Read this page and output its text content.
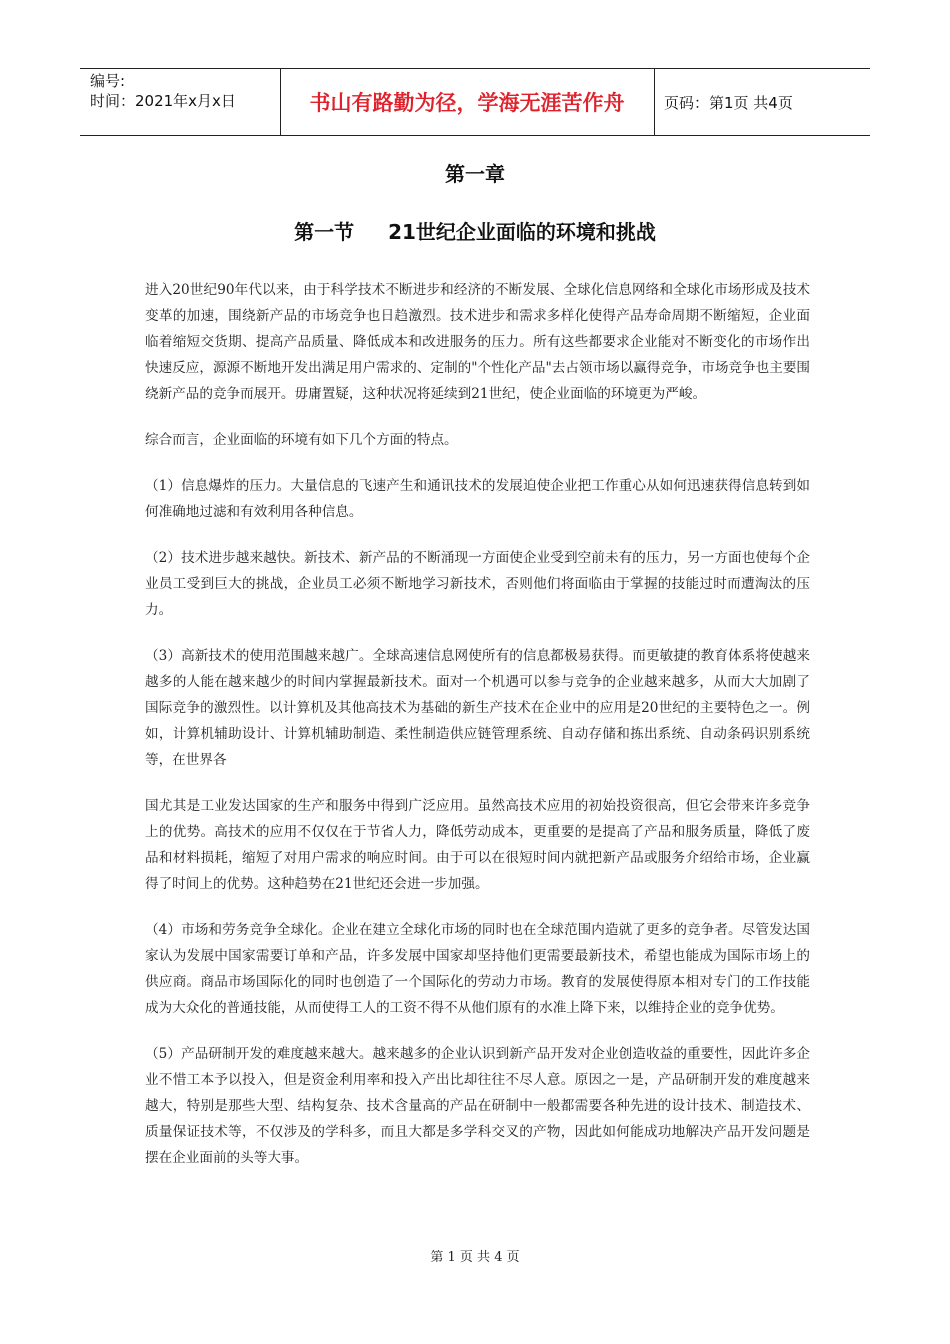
编号:
时间：2021年x月x日	书山有路勤为径，学海无涯苦作舟	页码：第1页 共4页
第一章
第一节 21世纪企业面临的环境和挑战

进入20世纪90年代以来，由于科学技术不断进步和经济的不断发展、全球化信息网络和全球化市场形成及技术变革的加速，围绕新产品的市场竞争也日趋激烈。技术进步和需求多样化使得产品寿命周期不断缩短，企业面临着缩短交货期、提高产品质量、降低成本和改进服务的压力。所有这些都要求企业能对不断变化的市场作出快速反应，源源不断地开发出满足用户需求的、定制的"个性化产品"去占领市场以赢得竞争，市场竞争也主要围绕新产品的竞争而展开。毋庸置疑，这种状况将延续到21世纪，使企业面临的环境更为严峻。

综合而言，企业面临的环境有如下几个方面的特点。

（1）信息爆炸的压力。大量信息的飞速产生和通讯技术的发展迫使企业把工作重心从如何迅速获得信息转到如何准确地过滤和有效利用各种信息。

（2）技术进步越来越快。新技术、新产品的不断涌现一方面使企业受到空前未有的压力，另一方面也使每个企业员工受到巨大的挑战，企业员工必须不断地学习新技术，否则他们将面临由于掌握的技能过时而遭淘汰的压力。

（3）高新技术的使用范围越来越广。全球高速信息网使所有的信息都极易获得。而更敏捷的教育体系将使越来越多的人能在越来越少的时间内掌握最新技术。面对一个机遇可以参与竞争的企业越来越多，从而大大加剧了国际竞争的激烈性。以计算机及其他高技术为基础的新生产技术在企业中的应用是20世纪的主要特色之一。例如，计算机辅助设计、计算机辅助制造、柔性制造供应链管理系统、自动存储和拣出系统、自动条码识别系统等，在世界各

国尤其是工业发达国家的生产和服务中得到广泛应用。虽然高技术应用的初始投资很高，但它会带来许多竞争上的优势。高技术的应用不仅仅在于节省人力，降低劳动成本，更重要的是提高了产品和服务质量，降低了废品和材料损耗，缩短了对用户需求的响应时间。由于可以在很短时间内就把新产品或服务介绍给市场，企业赢得了时间上的优势。这种趋势在21世纪还会进一步加强。

（4）市场和劳务竞争全球化。企业在建立全球化市场的同时也在全球范围内造就了更多的竞争者。尽管发达国家认为发展中国家需要订单和产品，许多发展中国家却坚持他们更需要最新技术，希望也能成为国际市场上的供应商。商品市场国际化的同时也创造了一个国际化的劳动力市场。教育的发展使得原本相对专门的工作技能成为大众化的普通技能，从而使得工人的工资不得不从他们原有的水准上降下来，以维持企业的竞争优势。

（5）产品研制开发的难度越来越大。越来越多的企业认识到新产品开发对企业创造收益的重要性，因此许多企业不惜工本予以投入，但是资金利用率和投入产出比却往往不尽人意。原因之一是，产品研制开发的难度越来越大，特别是那些大型、结构复杂、技术含量高的产品在研制中一般都需要各种先进的设计技术、制造技术、质量保证技术等，不仅涉及的学科多，而且大都是多学科交叉的产物，因此如何能成功地解决产品开发问题是摆在企业面前的头等大事。

第 1 页 共 4 页
